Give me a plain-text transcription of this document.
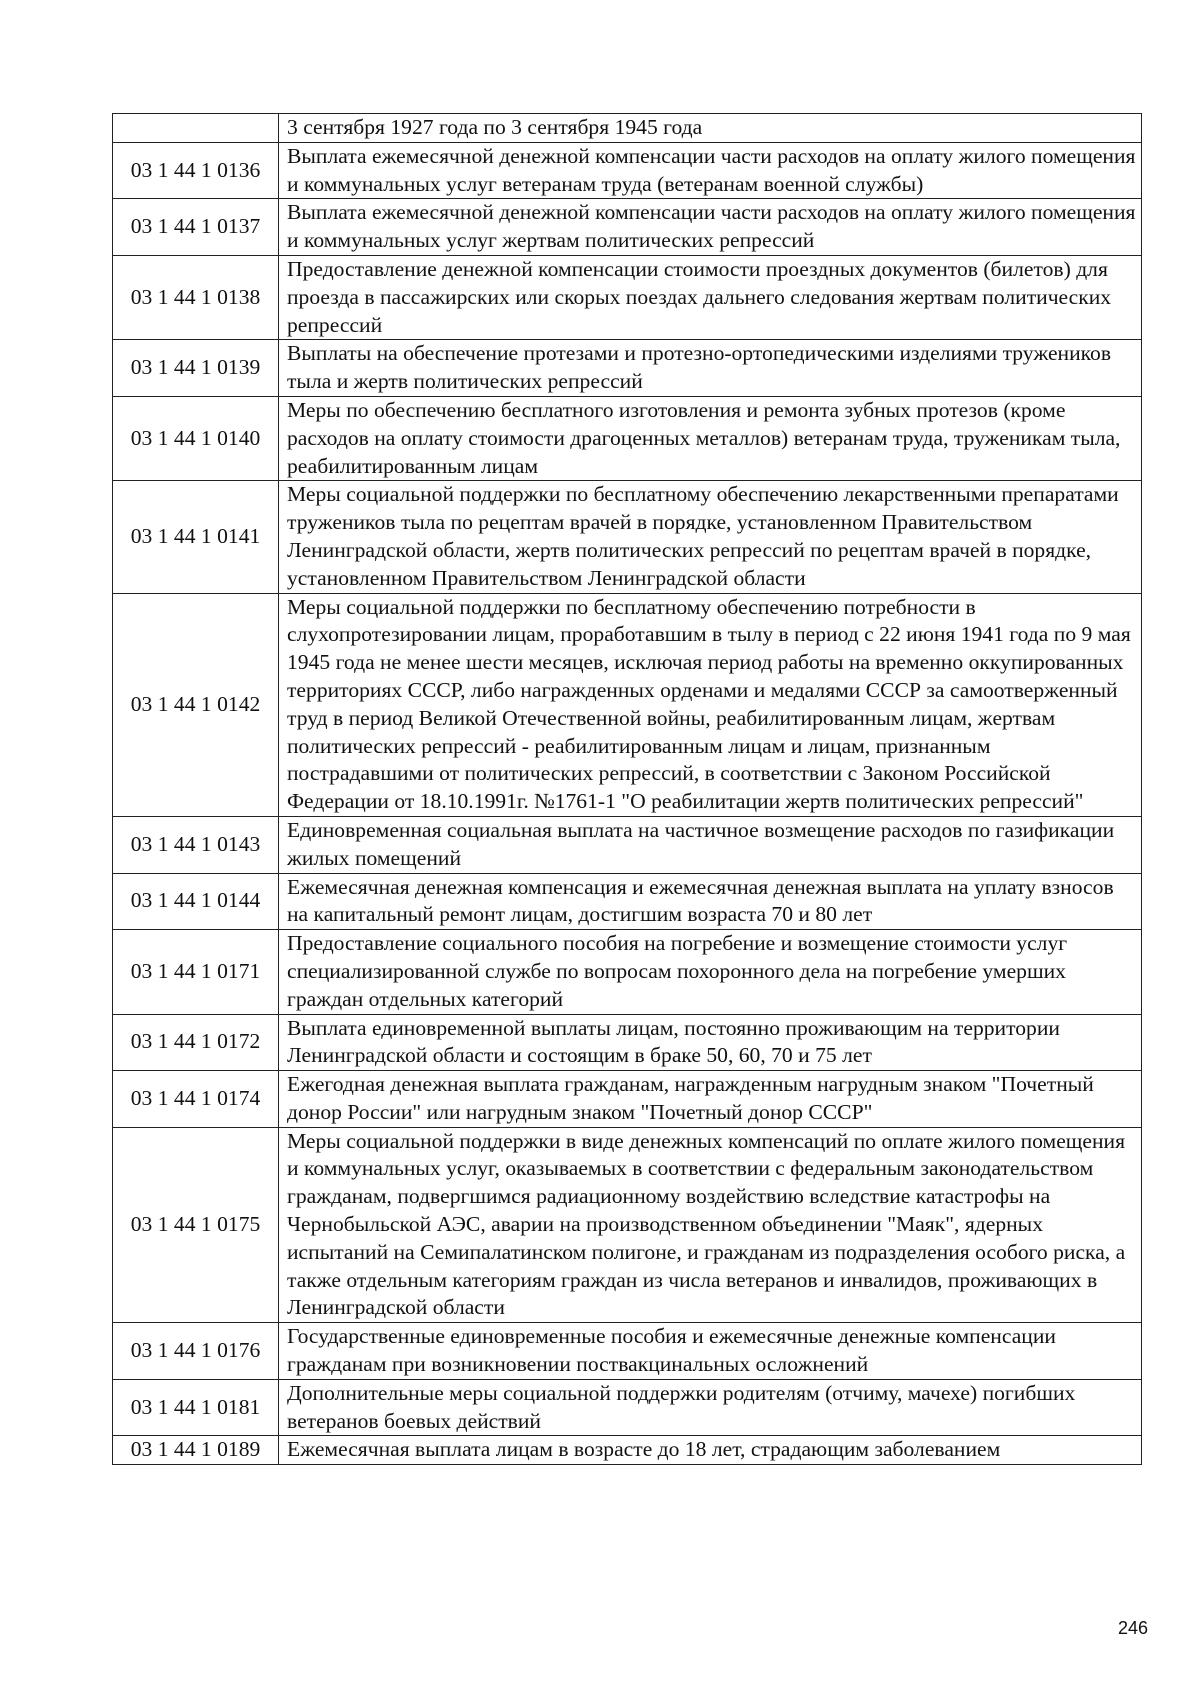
	3 сентября 1927 года по 3 сентября 1945 года
03 1 44 1 0136	Выплата ежемесячной денежной компенсации части расходов на оплату жилого помещения и коммунальных услуг ветеранам труда (ветеранам военной службы)
03 1 44 1 0137	Выплата ежемесячной денежной компенсации части расходов на оплату жилого помещения и коммунальных услуг жертвам политических репрессий
03 1 44 1 0138	Предоставление денежной компенсации стоимости проездных документов (билетов) для проезда в пассажирских или скорых поездах дальнего следования жертвам политических репрессий
03 1 44 1 0139	Выплаты на обеспечение протезами и протезно-ортопедическими изделиями тружеников тыла и жертв политических репрессий
03 1 44 1 0140	Меры по обеспечению бесплатного изготовления и ремонта зубных протезов (кроме расходов на оплату стоимости драгоценных металлов) ветеранам труда, труженикам тыла, реабилитированным лицам
03 1 44 1 0141	Меры социальной поддержки по бесплатному обеспечению лекарственными препаратами тружеников тыла по рецептам врачей в порядке, установленном Правительством Ленинградской области, жертв политических репрессий по рецептам врачей в порядке, установленном Правительством Ленинградской области
03 1 44 1 0142	Меры социальной поддержки по бесплатному обеспечению потребности в слухопротезировании лицам, проработавшим в тылу в период с 22 июня 1941 года по 9 мая 1945 года не менее шести месяцев, исключая период работы на временно оккупированных территориях СССР, либо награжденных орденами и медалями СССР за самоотверженный труд в период Великой Отечественной войны, реабилитированным лицам, жертвам политических репрессий - реабилитированным лицам и лицам, признанным пострадавшими от политических репрессий, в соответствии с Законом Российской Федерации от 18.10.1991г. №1761-1 "О реабилитации жертв политических репрессий"
03 1 44 1 0143	Единовременная социальная выплата на частичное возмещение расходов по газификации жилых помещений
03 1 44 1 0144	Ежемесячная денежная компенсация и ежемесячная денежная выплата на уплату взносов на капитальный ремонт лицам, достигшим возраста 70 и 80 лет
03 1 44 1 0171	Предоставление социального пособия на погребение и возмещение стоимости услуг специализированной службе по вопросам похоронного дела на погребение умерших граждан отдельных категорий
03 1 44 1 0172	Выплата единовременной выплаты лицам, постоянно проживающим на территории Ленинградской области и состоящим в браке 50, 60, 70 и 75 лет
03 1 44 1 0174	Ежегодная денежная выплата гражданам, награжденным нагрудным знаком "Почетный донор России" или нагрудным знаком "Почетный донор СССР"
03 1 44 1 0175	Меры социальной поддержки в виде денежных компенсаций по оплате жилого помещения и коммунальных услуг, оказываемых в соответствии с федеральным законодательством гражданам, подвергшимся радиационному воздействию вследствие катастрофы на Чернобыльской АЭС, аварии на производственном объединении "Маяк", ядерных испытаний на Семипалатинском полигоне, и гражданам из подразделения особого риска, а также отдельным категориям граждан из числа ветеранов и инвалидов, проживающих в Ленинградской области
03 1 44 1 0176	Государственные единовременные пособия и ежемесячные денежные компенсации гражданам при возникновении поствакцинальных осложнений
03 1 44 1 0181	Дополнительные меры социальной поддержки родителям (отчиму, мачехе) погибших ветеранов боевых действий
03 1 44 1 0189	Ежемесячная выплата лицам в возрасте до 18 лет, страдающим заболеванием
246
